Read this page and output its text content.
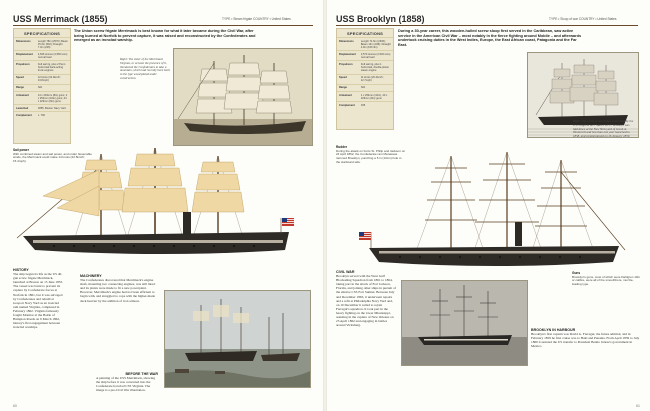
USS Merrimack (1855)	TYPE • Steam frigate COUNTRY • United States
SPECIFICATIONS
Dimensions	Length 78m (257ft); Beam 15.3m (51ft); Draught 7.3m (24ft)
Displacement	4,636 tonnes (4,560 tons) normal load
Propulsion	Full sail rig, plus 2 Penn horizontal back-acting trunk engines
Speed	12 knots (19.3km/h; 13.8mph)
Range	N/A
Armament	14 x 203mm (8in) guns; 2 x 254mm (10in) guns; 24 x 229mm (9in) guns
Launched	1855, Boston Navy Yard
Complement	c. 700
The Union screw frigate Merrimack is best known for what it later became during the Civil War, after being burned at Norfolk to prevent capture, it was raised and reconstructed by the Confederates and emerged as an ironclad warship.
Right: The sister of the Merrimack Virginia, or at least the presence of it, threatened the Confederates to take a mountain, which had recently been built to the type wood plated under construction.
Sail power
With combined steam and sail power, and under favourable winds, the Merrimack could make 14 knots (22.5km/h; 15.4mph).
HISTORY
The ship began its life as the US 40-gun screw frigate Merrimack, launched at Boston on 15 June 1855. The vessel was burnt to prevent its capture by Confederate forces at Norfolk in 1861, but it was salvaged by Confederates and rebuilt at Gosport Navy Yard as an ironclad ram named Virginia, completed in February 1862. Virginia famously fought Monitor at the Battle of Hampton Roads on 9 March 1862, history's first engagement between ironclad warships.
MACHINERY
The Confederates discovered that Merrimack's engine shaft, mounting two connecting engines, was still intact and its plants were made to fit a new powerplant. However, Merrimack's engine had not been efficient to begin with, and struggled to cope with the higher-made deck heavier by the addition of iron armour.
BEFORE THE WAR
A painting of the USS Merrimack, showing the ship before it was converted into the Confederate ironclad CSS Virginia. The image is a pre-Civil War illustration.
60
USS Brooklyn (1858)	TYPE • Sloop of war COUNTRY • United States
SPECIFICATIONS
Dimensions	Length 71.6m (233ft); Beam 13m (43ft); Draught 4.9m (16ft 3in)
Displacement	2,570 tonnes (2,532 tons) normal load
Propulsion	Full sail rig, plus 1 horizontal, double-piston steam engine
Speed	11 knots (20.4km/h; 12.7mph)
Range	N/A
Armament	1 x 254mm (10in), 20 x 229mm (9in) guns
Complement	335
During a 30-year career, this wooden-hulled screw sloop first served in the Caribbean, saw active service in the American Civil War – most notably in the fierce fighting around Mobile – and afterwards undertook cruising duties in the West Indies, Europe, the East African coast, Patagonia and the Far East.
Right: One of the screw sloops authorized by the US Congress on 3 March 1857, Brooklyn was laid down at the New York yard of Jacob A. Westervelt and less than one year launched in 1858, and commissioned on 26 January 1859.
Rudder
During the attack on Forts St. Philip and Jackson on 24 April 1862, the Confederate ram Manassas rammed Brooklyn, punching a 5 in (13cm) hole in the starboard side.
Guns
Brooklyn's guns, most of which were Dahlgren 10in or calibre, were all of the smoothbore, muzzle-loading type.
CIVIL WAR
Brooklyn served with the West Gulf Blockading Squadron from 1861 to 1864, taking part in the attack of Fort Jackson, Florida, and joining other ships in pursuit of the elusive CSS Fort Sumter. Between July and December 1863, it underwent repairs and a refit at Philadelphia Navy Yard and, on 10 December it sailed to rejoin Farragut's squadron. It took part in the heavy fighting on the lower Mississippi, assisting in the capture of New Orleans on 25 April 1862 and engaging in battles around Vicksburg.
BROOKLYN IN HARBOUR
Brooklyn's first captain was David G. Farragut, the future admiral, and in February 1859 he first cruise was to Haiti and Panama. From April 1859 to July 1860 it assisted the US transfer to President Benito Juárez's government in Mexico.
61
